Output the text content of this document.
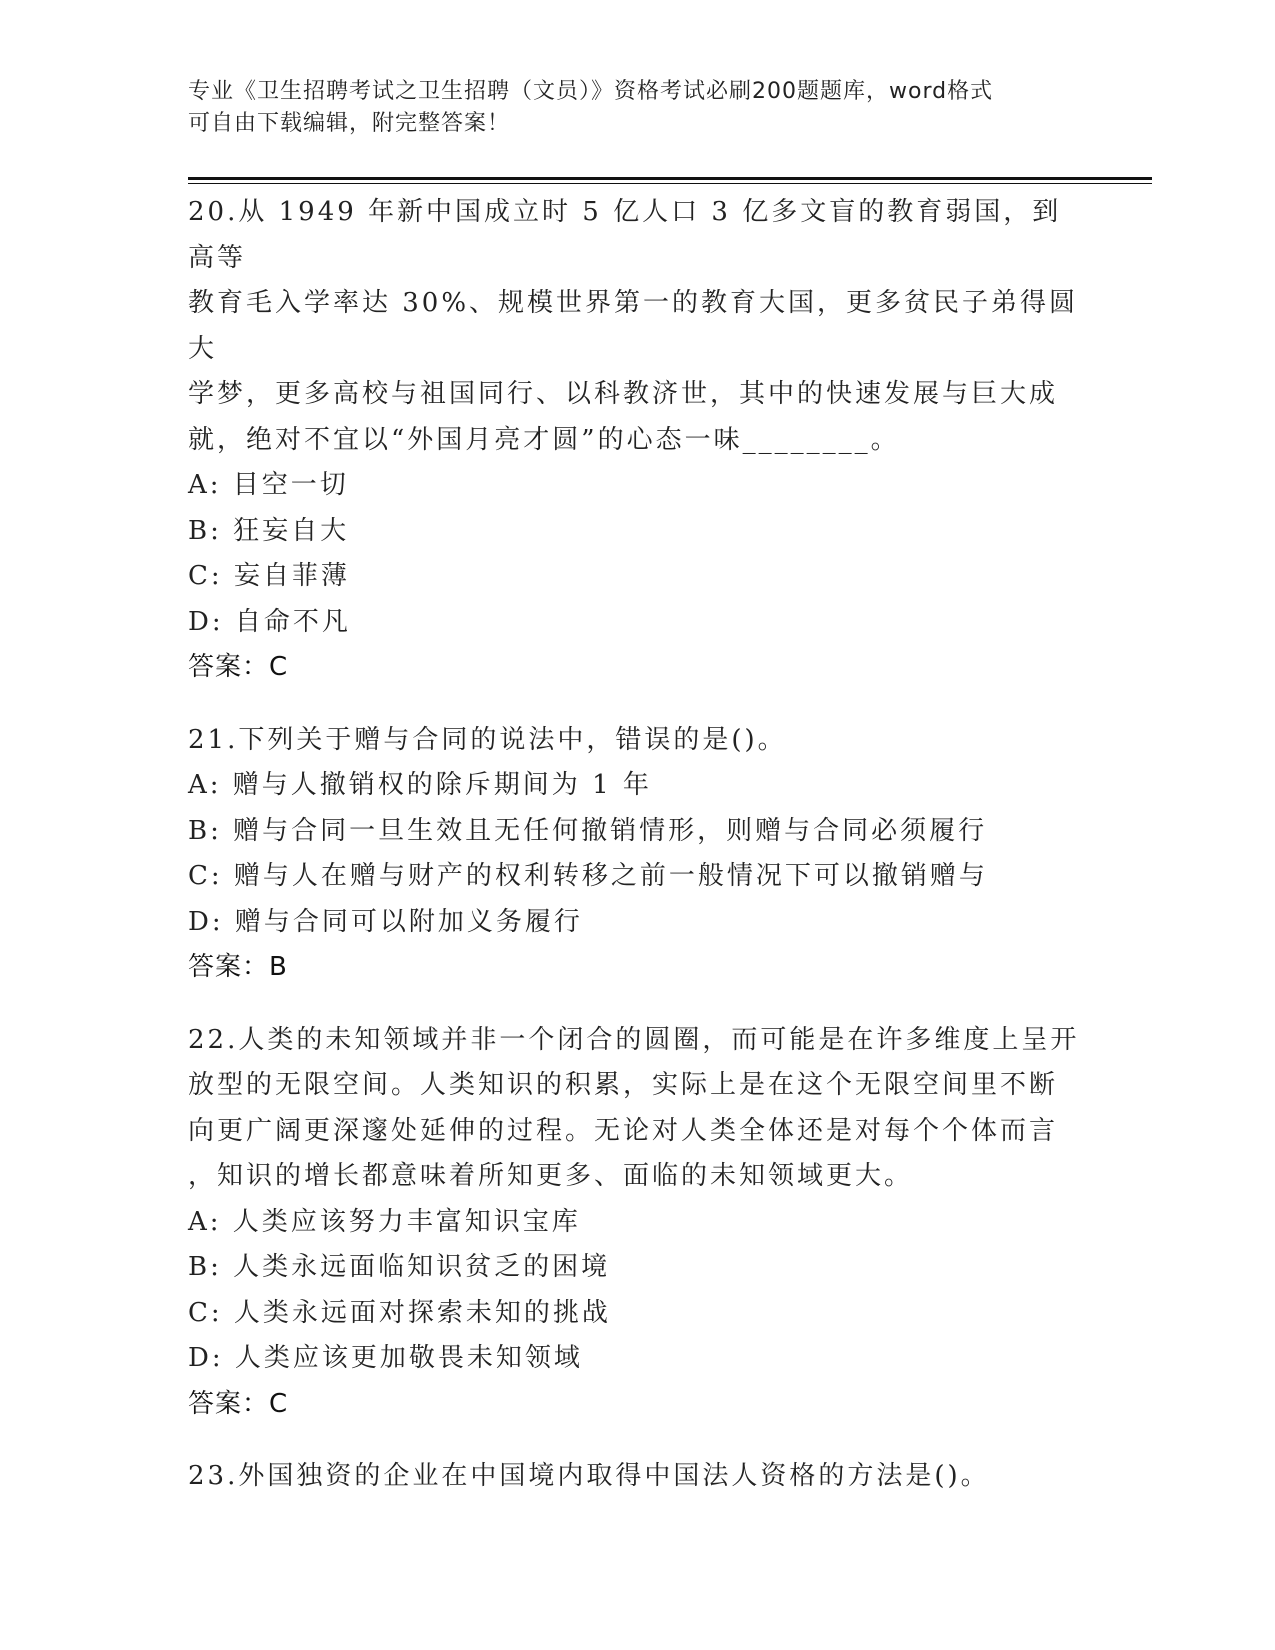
专业《卫生招聘考试之卫生招聘（文员）》资格考试必刷200题题库，word格式
可自由下载编辑，附完整答案！
20.从 1949 年新中国成立时 5 亿人口 3 亿多文盲的教育弱国，到高等
教育毛入学率达 30%、规模世界第一的教育大国，更多贫民子弟得圆大
学梦，更多高校与祖国同行、以科教济世，其中的快速发展与巨大成
就，绝对不宜以“外国月亮才圆”的心态一味________。
A: 目空一切
B: 狂妄自大
C: 妄自菲薄
D: 自命不凡
答案：C
21.下列关于赠与合同的说法中，错误的是()。
A: 赠与人撤销权的除斥期间为 1 年
B: 赠与合同一旦生效且无任何撤销情形，则赠与合同必须履行
C: 赠与人在赠与财产的权利转移之前一般情况下可以撤销赠与
D: 赠与合同可以附加义务履行
答案：B
22.人类的未知领域并非一个闭合的圆圈，而可能是在许多维度上呈开
放型的无限空间。人类知识的积累，实际上是在这个无限空间里不断
向更广阔更深邃处延伸的过程。无论对人类全体还是对每个个体而言
，知识的增长都意味着所知更多、面临的未知领域更大。
A: 人类应该努力丰富知识宝库
B: 人类永远面临知识贫乏的困境
C: 人类永远面对探索未知的挑战
D: 人类应该更加敬畏未知领域
答案：C
23.外国独资的企业在中国境内取得中国法人资格的方法是()。
